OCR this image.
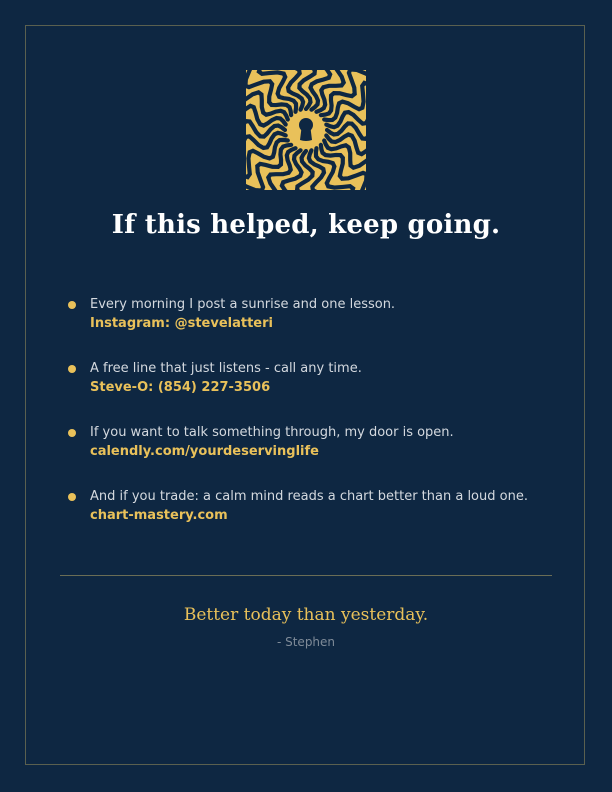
If this helped, keep going.
Every morning I post a sunrise and one lesson.
Instagram: @stevelatteri
A free line that just listens - call any time.
Steve-O: (854) 227-3506
If you want to talk something through, my door is open.
calendly.com/yourdeservinglife
And if you trade: a calm mind reads a chart better than a loud one.
chart-mastery.com
Better today than yesterday.
- Stephen
